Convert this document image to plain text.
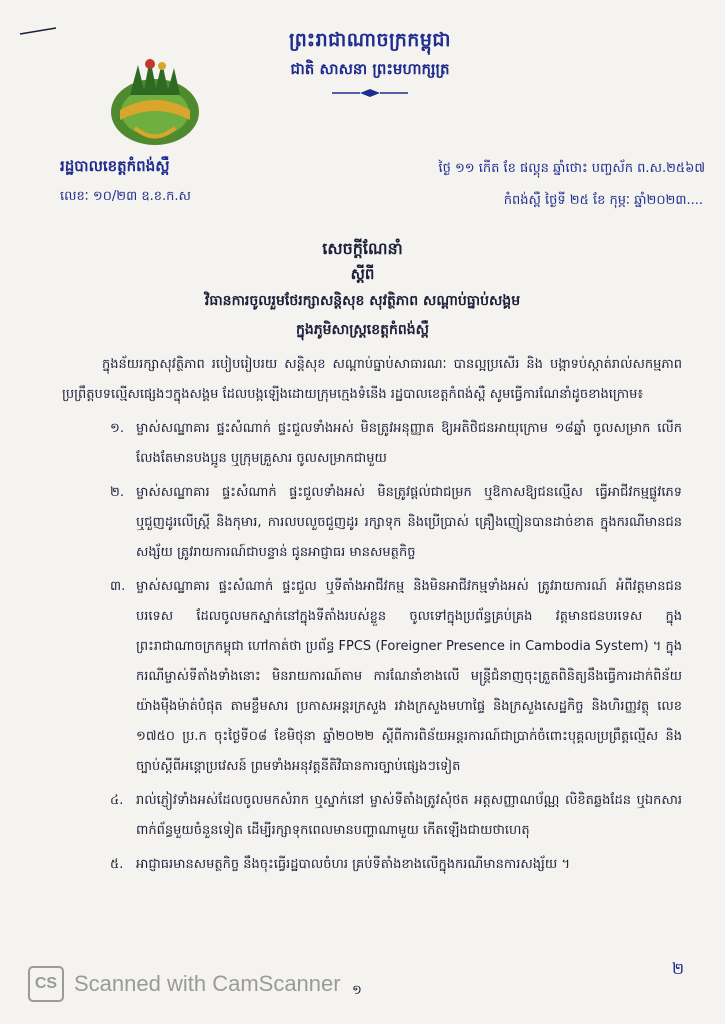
ព្រះរាជាណាចក្រកម្ពុជា
ជាតិ សាសនា ព្រះមហាក្សត្រ
រដ្ឋបាលខេត្តកំពង់ស្ពឺ
លេខៈ ១០/២៣ ឧ.ខ.ក.ស
ថ្ងៃ ១១ កើត ខែ ផល្គុន ឆ្នាំថោះ បញ្ចស័ក ព.ស.២៥៦៧
កំពង់ស្ពឺ ថ្ងៃទី ២៥ ខែ កុម្ភៈ ឆ្នាំ២០២៣....
សេចក្តីណែនាំ
ស្តីពី
វិធានការចូលរួមថែរក្សាសន្តិសុខ សុវត្ថិភាព សណ្តាប់ធ្នាប់សង្គម
ក្នុងភូមិសាស្ត្រខេត្តកំពង់ស្ពឺ

ក្នុងន័យរក្សាសុវត្ថិភាព របៀបរៀបរយ សន្តិសុខ សណ្តាប់ធ្នាប់សាធារណៈ បានល្អប្រសើរ និង បង្កាទប់ស្កាត់រាល់សកម្មភាពប្រព្រឹត្តបទល្មើសផ្សេងៗក្នុងសង្គម ដែលបង្កឡើងដោយក្រុមក្មេងទំនើង រដ្ឋបាលខេត្តកំពង់ស្ពឺ សូមធ្វើការណែនាំដូចខាងក្រោម៖

១. ម្ចាស់សណ្ឋាគារ ផ្ទះសំណាក់ ផ្ទះជួលទាំងអស់ មិនត្រូវអនុញ្ញាត ឱ្យអតិថិជនអាយុក្រោម ១៨ឆ្នាំ ចូលសម្រាក លើកលែងតែមានបងប្អូន ឬក្រុមគ្រួសារ ចូលសម្រាកជាមួយ
២. ម្ចាស់សណ្ឋាគារ ផ្ទះសំណាក់ ផ្ទះជួលទាំងអស់ មិនត្រូវផ្តល់ជាជម្រក ឬឱកាសឱ្យជនល្មើស ធ្វើអាជីវកម្មផ្លូវភេទ ឬជួញដូរលើស្ត្រី និងកុមារ, ការលបលួចជួញដូរ រក្សាទុក និងប្រើប្រាស់ គ្រឿងញៀនបានដាច់ខាត ក្នុងករណីមានជនសង្ស័យ ត្រូវរាយការណ៍ជាបន្ទាន់ ជូនអាជ្ញាធរ មានសមត្ថកិច្ច
៣. ម្ចាស់សណ្ឋាគារ ផ្ទះសំណាក់ ផ្ទះជួល ឬទីតាំងអាជីវកម្ម និងមិនអាជីវកម្មទាំងអស់ ត្រូវរាយការណ៍ អំពីវត្តមានជនបរទេស ដែលចូលមកស្នាក់នៅក្នុងទីតាំងរបស់ខ្លួន ចូលទៅក្នុងប្រព័ន្ធគ្រប់គ្រង វត្តមានជនបរទេស ក្នុងព្រះរាជាណាចក្រកម្ពុជា ហៅកាត់ថា ប្រព័ន្ធ FPCS (Foreigner Presence in Cambodia System) ។ ក្នុងករណីម្ចាស់ទីតាំងទាំងនោះ មិនរាយការណ៍តាម ការណែនាំខាងលើ មន្ត្រីជំនាញចុះត្រួតពិនិត្យនឹងធ្វើការដាក់ពិន័យយ៉ាងម៉ឺងម៉ាត់បំផុត តាមខ្លឹមសារ ប្រកាសអន្តរក្រសួង រវាងក្រសួងមហាផ្ទៃ និងក្រសួងសេដ្ឋកិច្ច និងហិរញ្ញវត្ថុ លេខ ១៧៥០ ប្រ.ក ចុះថ្ងៃទី០៨ ខែមិថុនា ឆ្នាំ២០២២ ស្តីពីការពិន័យអន្តរការណ៍ជាប្រាក់ចំពោះបុគ្គលប្រព្រឹត្តល្មើស និងច្បាប់ស្តីពីអន្តោប្រវេសន៍ ព្រមទាំងអនុវត្តនីតិវិធានការច្បាប់ផ្សេងៗទៀត
៤. រាល់ភ្ញៀវទាំងអស់ដែលចូលមកសំរាក ឬស្នាក់នៅ ម្ចាស់ទីតាំងត្រូវសុំថត អត្តសញ្ញាណប័ណ្ណ លិខិតឆ្លងដែន ឬឯកសារពាក់ព័ន្ធមួយចំនួនទៀត ដើម្បីរក្សាទុកពេលមានបញ្ហាណាមួយ កើតឡើងជាយថាហេតុ
៥. អាជ្ញាធរមានសមត្ថកិច្ច នឹងចុះធ្វើរដ្ឋបាលចំហរ គ្រប់ទីតាំងខាងលើក្នុងករណីមានការសង្ស័យ ។
CS Scanned with CamScanner ១
២
